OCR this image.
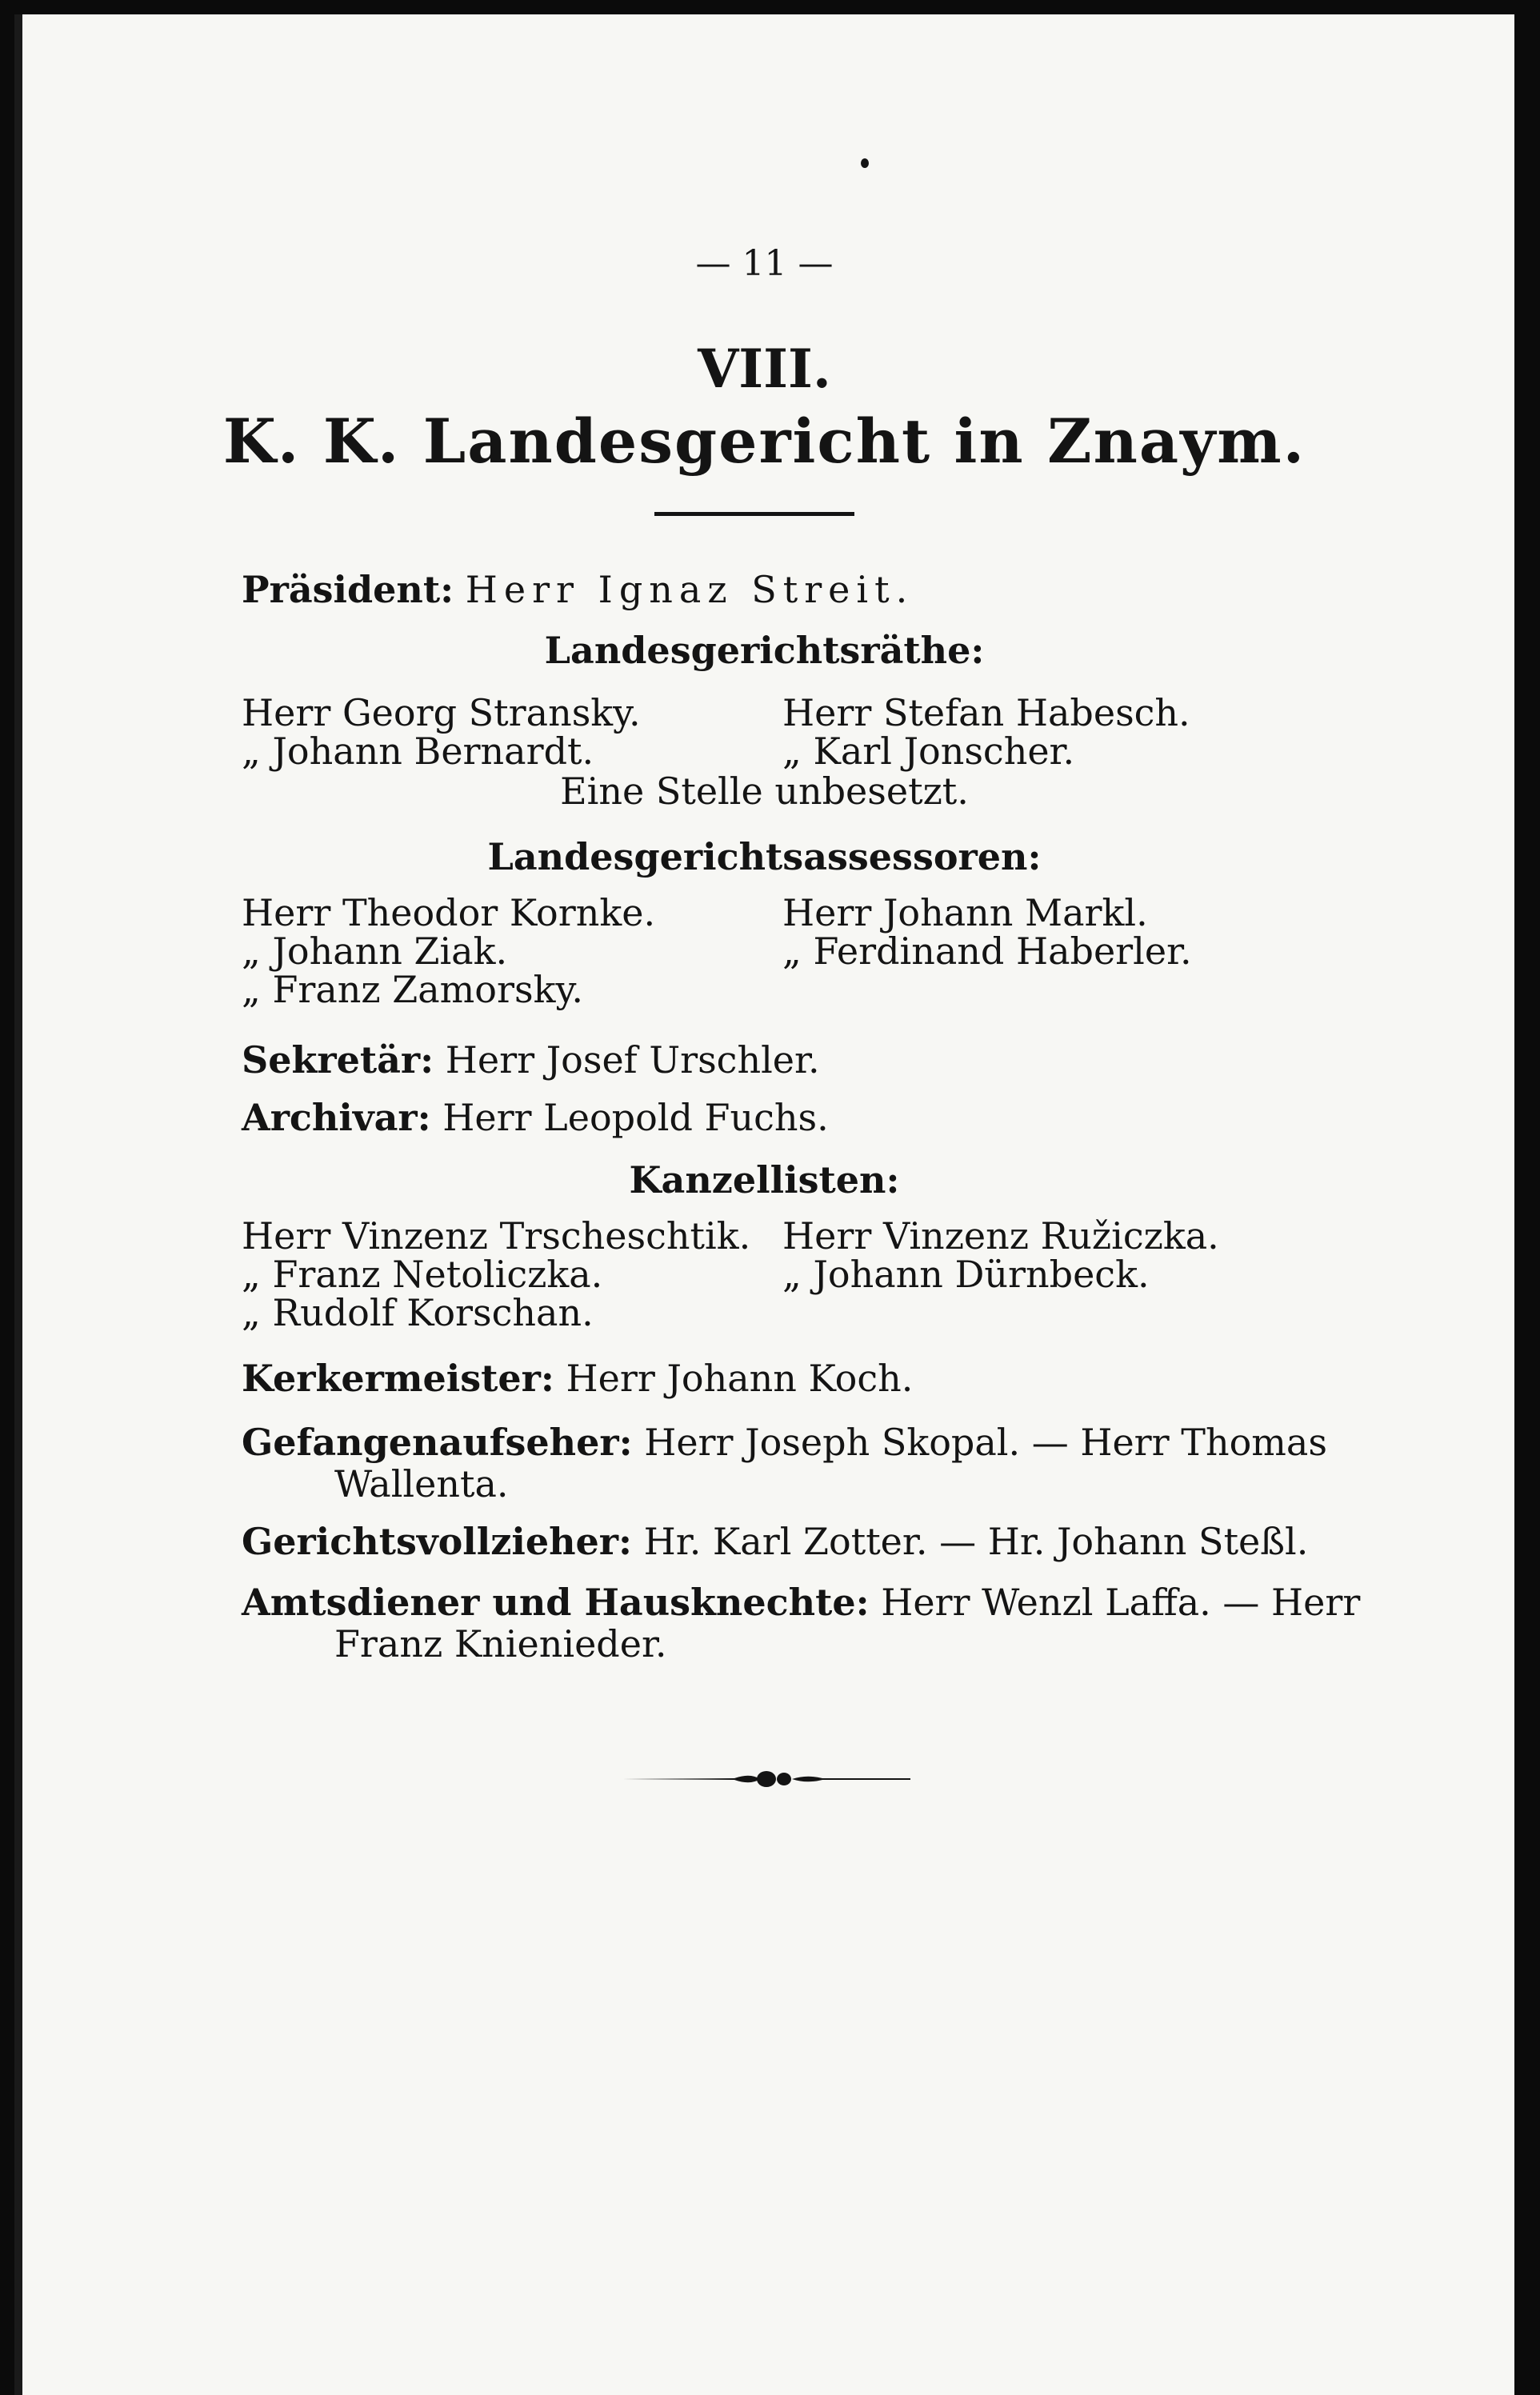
— 11 —
VIII.
K. K. Landesgericht in Znaym.
Präsident: Herr Ignaz Streit.
Landesgerichtsräthe:
Herr Georg Stransky.
„ Johann Bernardt.
Herr Stefan Habesch.
„ Karl Jonscher.
Eine Stelle unbesetzt.
Landesgerichtsassessoren:
Herr Theodor Kornke.
„ Johann Ziak.
„ Franz Zamorsky.
Herr Johann Markl.
„ Ferdinand Haberler.
Sekretär: Herr Josef Urschler.
Archivar: Herr Leopold Fuchs.
Kanzellisten:
Herr Vinzenz Trscheschtik.
„ Franz Netoliczka.
„ Rudolf Korschan.
Herr Vinzenz Ružiczka.
„ Johann Dürnbeck.
Kerkermeister: Herr Johann Koch.
Gefangenaufseher: Herr Joseph Skopal. — Herr Thomas
Wallenta.
Gerichtsvollzieher: Hr. Karl Zotter. — Hr. Johann Steßl.
Amtsdiener und Hausknechte: Herr Wenzl Laffa. — Herr
Franz Knienieder.
